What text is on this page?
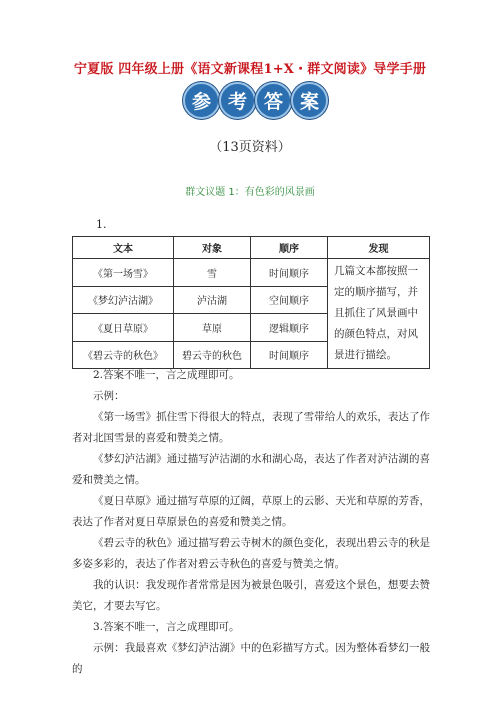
宁夏版 四年级上册《语文新课程1+X・群文阅读》导学手册
参 考 答 案
（13页资料）
群文议题 1：有色彩的风景画
1.
文本	对象	顺序	发现
《第一场雪》	雪	时间顺序	几篇文本都按照一定的顺序描写，并且抓住了风景画中的颜色特点，对风景进行描绘。
《梦幻泸沽湖》	泸沽湖	空间顺序	
《夏日草原》	草原	逻辑顺序	
《碧云寺的秋色》	碧云寺的秋色	时间顺序	
2.答案不唯一，言之成理即可。
示例：
《第一场雪》抓住雪下得很大的特点，表现了雪带给人的欢乐，表达了作者对北国雪景的喜爱和赞美之情。
《梦幻泸沽湖》通过描写泸沽湖的水和湖心岛，表达了作者对泸沽湖的喜爱和赞美之情。
《夏日草原》通过描写草原的辽阔，草原上的云影、天光和草原的芳香，表达了作者对夏日草原景色的喜爱和赞美之情。
《碧云寺的秋色》通过描写碧云寺树木的颜色变化，表现出碧云寺的秋是多姿多彩的，表达了作者对碧云寺秋色的喜爱与赞美之情。
我的认识：我发现作者常常是因为被景色吸引，喜爱这个景色，想要去赞美它，才要去写它。
3.答案不唯一，言之成理即可。
示例：我最喜欢《梦幻泸沽湖》中的色彩描写方式。因为整体看梦幻一般的
